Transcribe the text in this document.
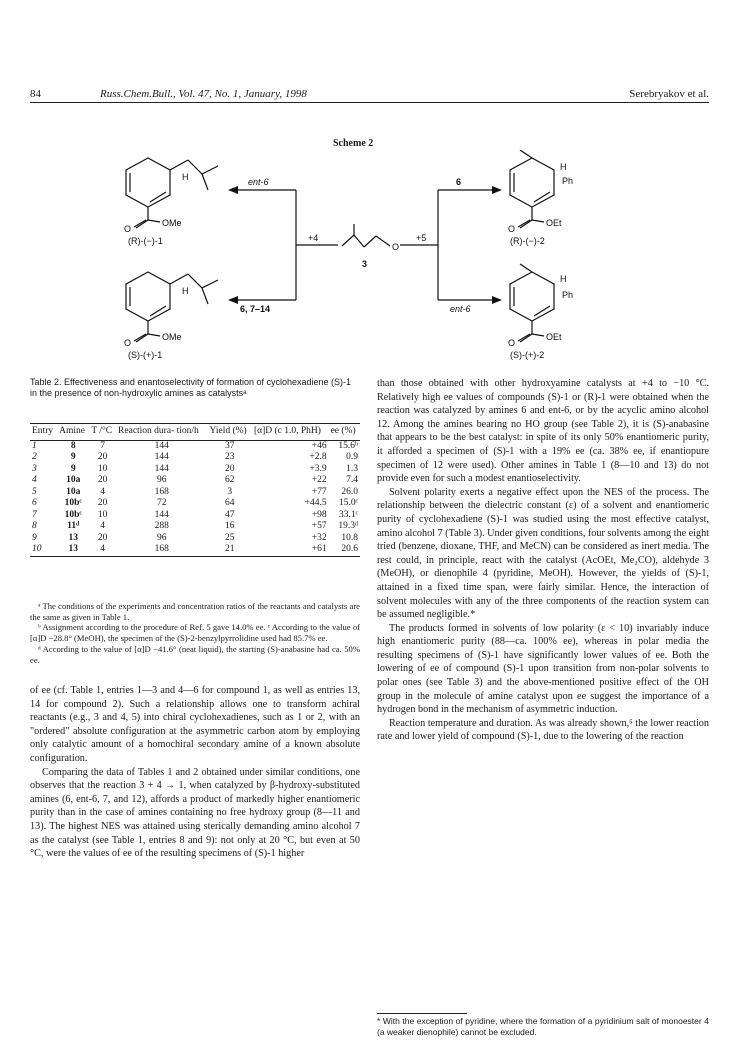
84	Russ.Chem.Bull., Vol. 47, No. 1, January, 1998	Serebryakov et al.
Scheme 2
H
H
O
OMe
O
OMe
(R)-(−)-1
(S)-(+)-1
H
Ph
H
Ph
O
OEt
O
OEt
(R)-(−)-2
(S)-(+)-2
O
3
ent-6
6, 7–14
6
ent-6
+4	+5
Table 2. Effectiveness and enantoselectivity of formation of cyclohexadiene (S)-1 in the presence of non-hydroxylic amines as catalystsᵃ
Entry	Amine	T /°C	Reaction dura- tion/h	Yield (%)	[α]D (c 1.0, PhH)	ee (%)
1	8	7	144	37	+46	15.6ᵇ
2	9	20	144	23	+2.8	0.9
3	9	10	144	20	+3.9	1.3
4	10a	20	96	62	+22	7.4
5	10a	4	168	3	+77	26.0
6	10bᶜ	20	72	64	+44.5	15.0ᶜ
7	10bᶜ	10	144	47	+98	33.1ᶜ
8	11ᵈ	4	288	16	+57	19.3ᵈ
9	13	20	96	25	+32	10.8
10	13	4	168	21	+61	20.6

ᵃ The conditions of the experiments and concentration ratios of the reactants and catalysts are the same as given in Table 1.

ᵇ Assignment according to the procedure of Ref. 5 gave 14.0% ee. ᶜ According to the value of [α]D −28.8° (MeOH), the specimen of the (S)-2-benzylpyrrolidine used had 85.7% ee.

ᵈ According to the value of [α]D −41.6° (neat liquid), the starting (S)-anabasine had ca. 50% ee.

of ee (cf. Table 1, entries 1—3 and 4—6 for compound 1, as well as entries 13, 14 for compound 2). Such a relationship allows one to transform achiral reactants (e.g., 3 and 4, 5) into chiral cyclohexadienes, such as 1 or 2, with an "ordered" absolute configuration at the asymmetric carbon atom by employing only catalytic amount of a homochiral secondary amine of a known absolute configuration.

Comparing the data of Tables 1 and 2 obtained under similar conditions, one observes that the reaction 3 + 4 → 1, when catalyzed by β-hydroxy-substituted amines (6, ent-6, 7, and 12), affords a product of markedly higher enantiomeric purity than in the case of amines containing no free hydroxy group (8—11 and 13). The highest NES was attained using sterically demanding amino alcohol 7 as the catalyst (see Table 1, entries 8 and 9): not only at 20 °C, but even at 50 °C, were the values of ee of the resulting specimens of (S)-1 higher

than those obtained with other hydroxyamine catalysts at +4 to −10 °C. Relatively high ee values of compounds (S)-1 or (R)-1 were obtained when the reaction was catalyzed by amines 6 and ent-6, or by the acyclic amino alcohol 12. Among the amines bearing no HO group (see Table 2), it is (S)-anabasine that appears to be the best catalyst: in spite of its only 50% enantiomeric purity, it afforded a specimen of (S)-1 with a 19% ee (ca. 38% ee, if enantiopure specimen of 12 were used). Other amines in Table 1 (8—10 and 13) do not provide even for such a modest enantioselectivity.

Solvent polarity exerts a negative effect upon the NES of the process. The relationship between the dielectric constant (ε) of a solvent and enantiomeric purity of cyclohexadiene (S)-1 was studied using the most effective catalyst, amino alcohol 7 (Table 3). Under given conditions, four solvents among the eight tried (benzene, dioxane, THF, and MeCN) can be considered as inert media. The rest could, in principle, react with the catalyst (AcOEt, Me₂CO), aldehyde 3 (MeOH), or dienophile 4 (pyridine, MeOH). However, the yields of (S)-1, attained in a fixed time span, were fairly similar. Hence, the interaction of solvent molecules with any of the three components of the reaction system can be assumed negligible.*

The products formed in solvents of low polarity (ε < 10) invariably induce high enantiomeric purity (88—ca. 100% ee), whereas in polar media the resulting specimens of (S)-1 have significantly lower values of ee. Both the lowering of ee of compound (S)-1 upon transition from non-polar solvents to polar ones (see Table 3) and the above-mentioned positive effect of the OH group in the molecule of amine catalyst upon ee suggest the importance of a hydrogen bond in the mechanism of asymmetric induction.

Reaction temperature and duration. As was already shown,⁵ the lower reaction rate and lower yield of compound (S)-1, due to the lowering of the reaction

* With the exception of pyridine, where the formation of a pyridinium salt of monoester 4 (a weaker dienophile) cannot be excluded.
